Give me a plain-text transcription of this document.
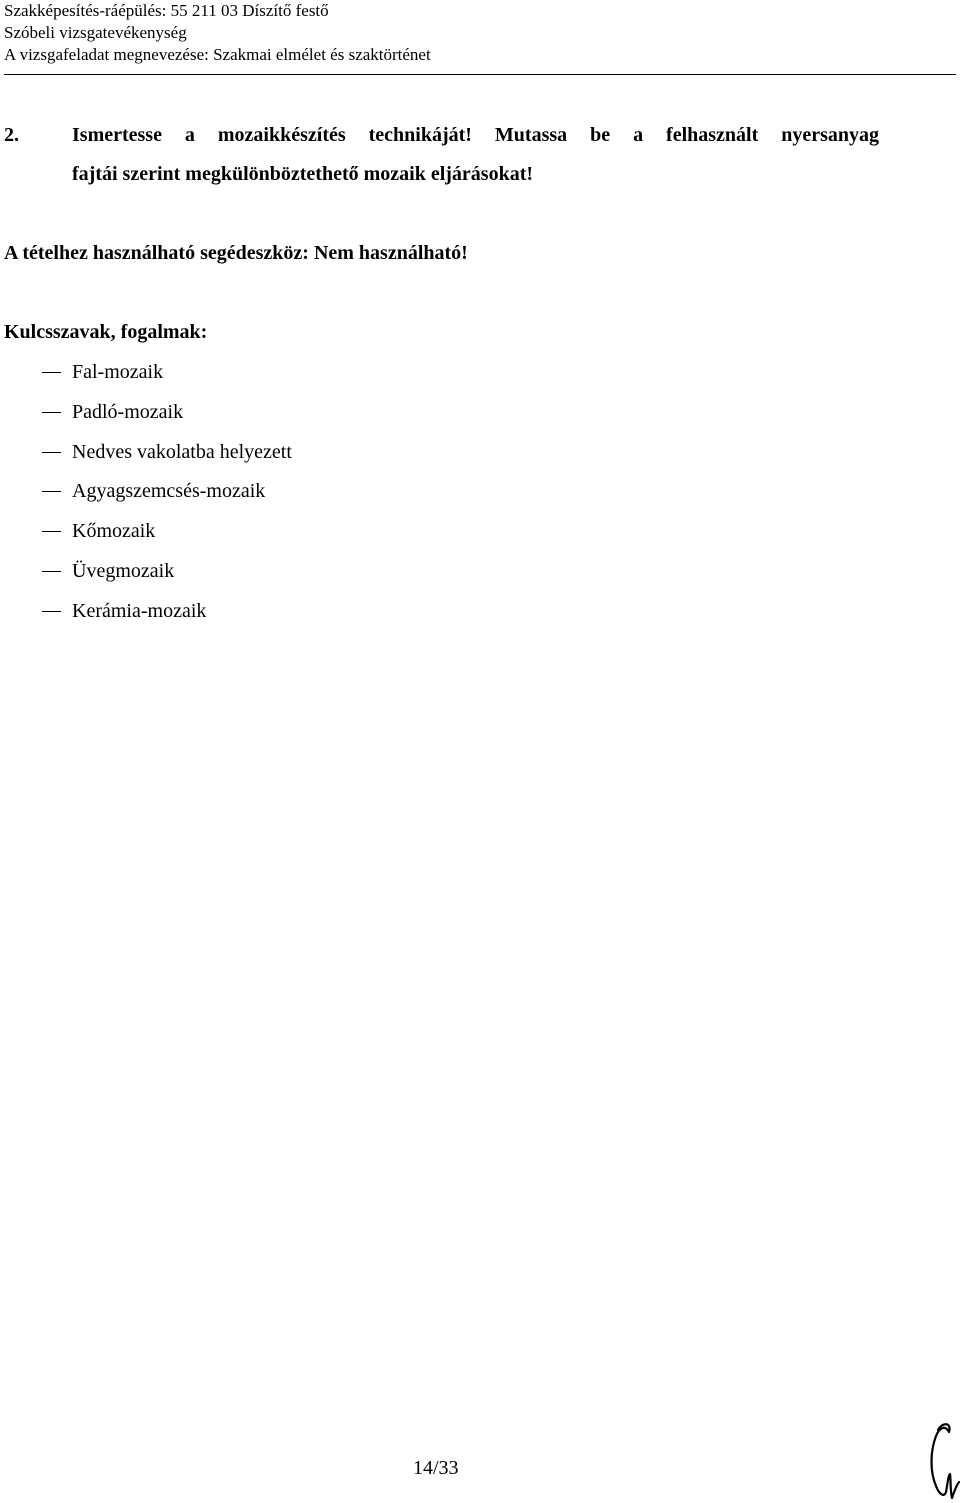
Szakképesítés-ráépülés: 55 211 03 Díszítő festő
Szóbeli vizsgatevékenység
A vizsgafeladat megnevezése: Szakmai elmélet és szaktörténet
2.	Ismertesse a mozaikkészítés technikáját! Mutassa be a felhasznált nyersanyag
fajtái szerint megkülönböztethető mozaik eljárásokat!
A tételhez használható segédeszköz: Nem használható!
Kulcsszavak, fogalmak:
Fal-mozaik
Padló-mozaik
Nedves vakolatba helyezett
Agyagszemcsés-mozaik
Kőmozaik
Üvegmozaik
Kerámia-mozaik
14/33
